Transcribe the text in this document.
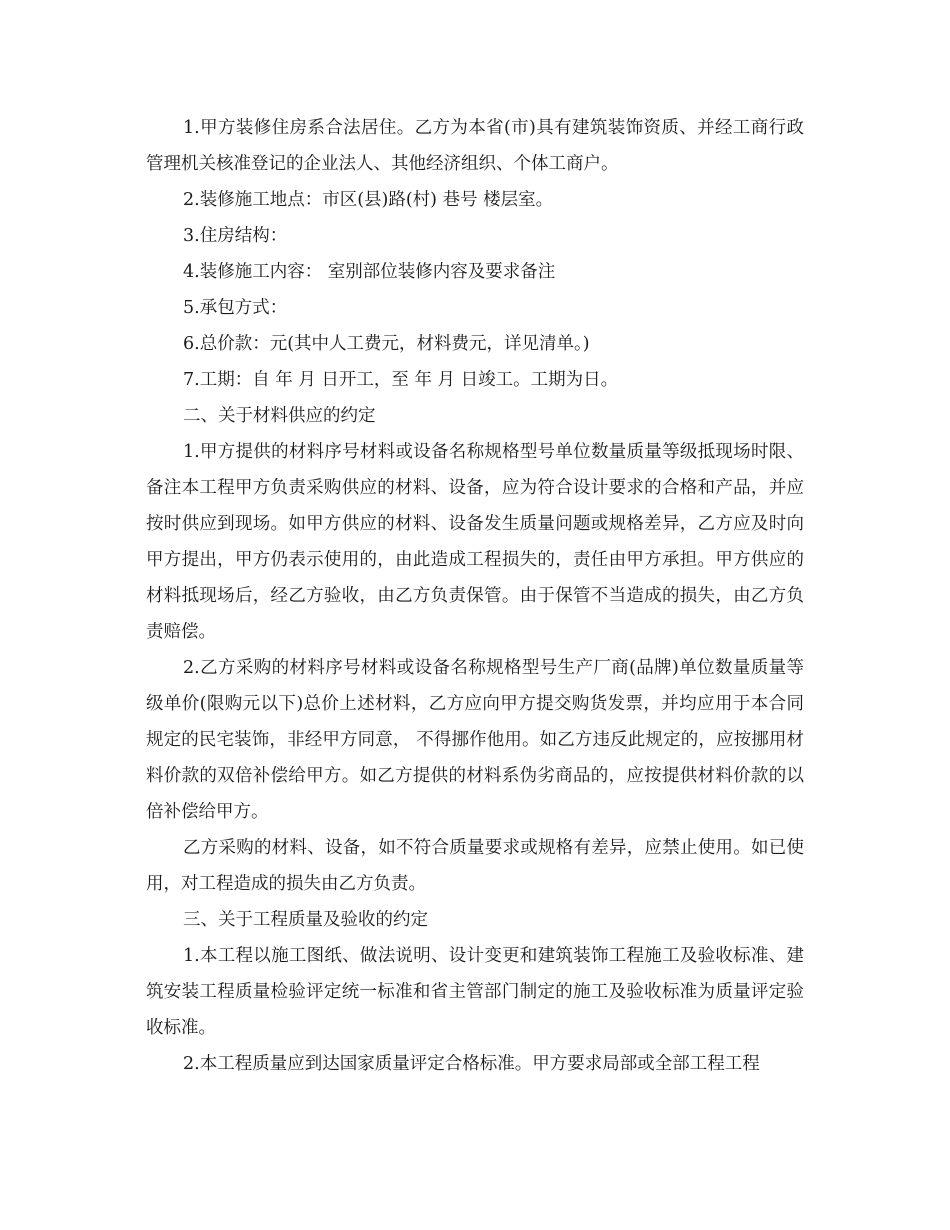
1.甲方装修住房系合法居住。乙方为本省(市)具有建筑装饰资质、并经工商行政管理机关核准登记的企业法人、其他经济组织、个体工商户。

2.装修施工地点：市区(县)路(村) 巷号 楼层室。

3.住房结构：

4.装修施工内容： 室别部位装修内容及要求备注

5.承包方式：

6.总价款：元(其中人工费元，材料费元，详见清单。)

7.工期：自 年 月 日开工，至 年 月 日竣工。工期为日。

二、关于材料供应的约定

1.甲方提供的材料序号材料或设备名称规格型号单位数量质量等级抵现场时限、备注本工程甲方负责采购供应的材料、设备，应为符合设计要求的合格和产品，并应按时供应到现场。如甲方供应的材料、设备发生质量问题或规格差异，乙方应及时向甲方提出，甲方仍表示使用的，由此造成工程损失的，责任由甲方承担。甲方供应的材料抵现场后，经乙方验收，由乙方负责保管。由于保管不当造成的损失，由乙方负责赔偿。

2.乙方采购的材料序号材料或设备名称规格型号生产厂商(品牌)单位数量质量等级单价(限购元以下)总价上述材料，乙方应向甲方提交购货发票，并均应用于本合同规定的民宅装饰，非经甲方同意， 不得挪作他用。如乙方违反此规定的，应按挪用材料价款的双倍补偿给甲方。如乙方提供的材料系伪劣商品的，应按提供材料价款的以倍补偿给甲方。

乙方采购的材料、设备，如不符合质量要求或规格有差异，应禁止使用。如已使用，对工程造成的损失由乙方负责。

三、关于工程质量及验收的约定

1.本工程以施工图纸、做法说明、设计变更和建筑装饰工程施工及验收标准、建筑安装工程质量检验评定统一标准和省主管部门制定的施工及验收标准为质量评定验收标准。

2.本工程质量应到达国家质量评定合格标准。甲方要求局部或全部工程工程
